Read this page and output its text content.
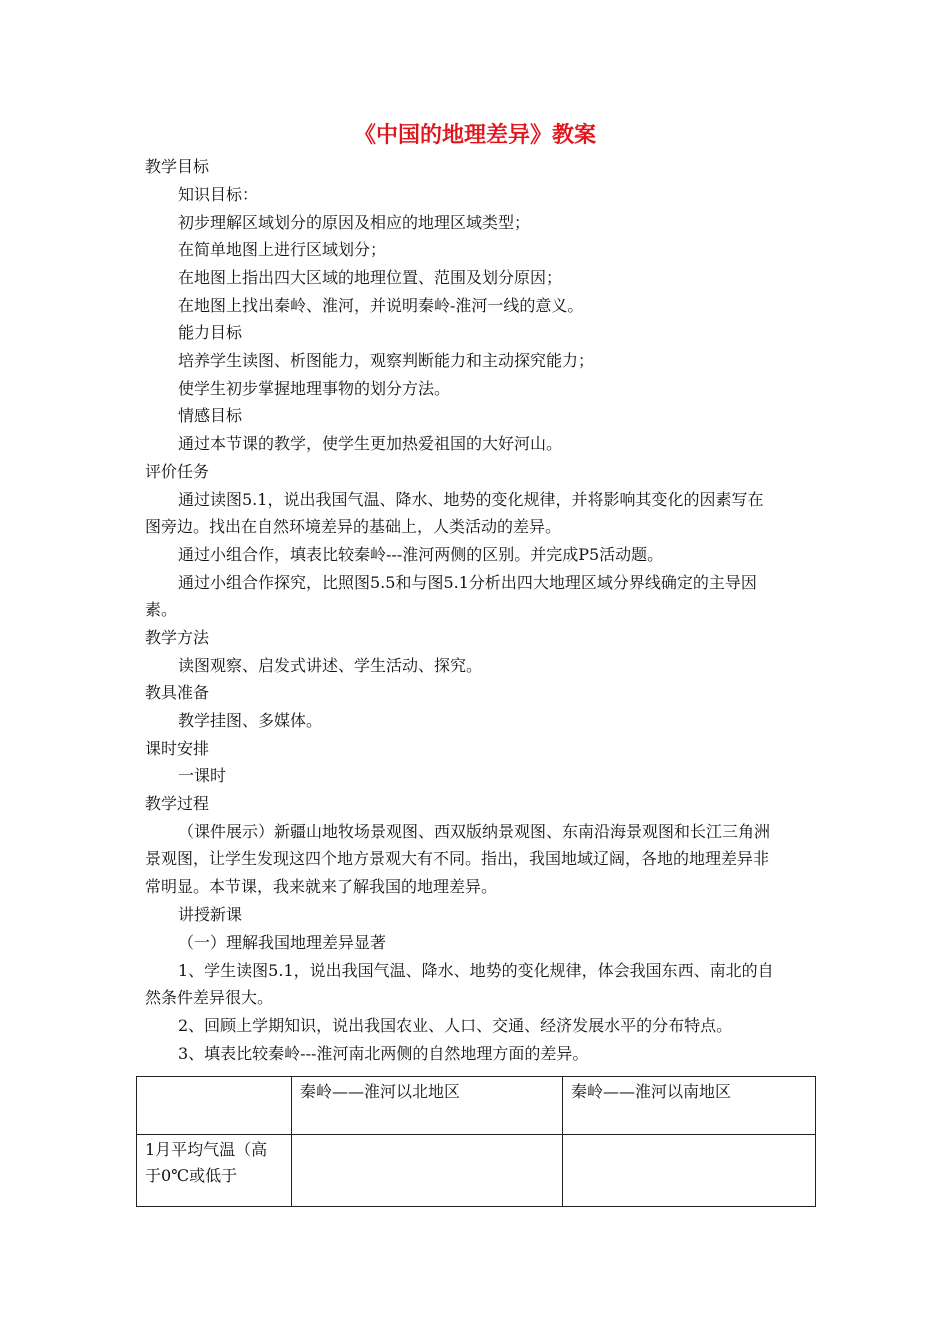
《中国的地理差异》教案
教学目标
知识目标：
初步理解区域划分的原因及相应的地理区域类型；
在简单地图上进行区域划分；
在地图上指出四大区域的地理位置、范围及划分原因；
在地图上找出秦岭、淮河，并说明秦岭-淮河一线的意义。
能力目标
培养学生读图、析图能力，观察判断能力和主动探究能力；
使学生初步掌握地理事物的划分方法。
情感目标
通过本节课的教学，使学生更加热爱祖国的大好河山。
评价任务
通过读图5.1，说出我国气温、降水、地势的变化规律，并将影响其变化的因素写在
图旁边。找出在自然环境差异的基础上，人类活动的差异。
通过小组合作，填表比较秦岭---淮河两侧的区别。并完成P5活动题。
通过小组合作探究，比照图5.5和与图5.1分析出四大地理区域分界线确定的主导因
素。
教学方法
读图观察、启发式讲述、学生活动、探究。
教具准备
教学挂图、多媒体。
课时安排
一课时
教学过程
（课件展示）新疆山地牧场景观图、西双版纳景观图、东南沿海景观图和长江三角洲
景观图，让学生发现这四个地方景观大有不同。指出，我国地域辽阔，各地的地理差异非
常明显。本节课，我来就来了解我国的地理差异。
讲授新课
（一）理解我国地理差异显著
1、学生读图5.1，说出我国气温、降水、地势的变化规律，体会我国东西、南北的自
然条件差异很大。
2、回顾上学期知识，说出我国农业、人口、交通、经济发展水平的分布特点。
3、填表比较秦岭---淮河南北两侧的自然地理方面的差异。
	秦岭——淮河以北地区	秦岭——淮河以南地区
1月平均气温（高于0℃或低于		
